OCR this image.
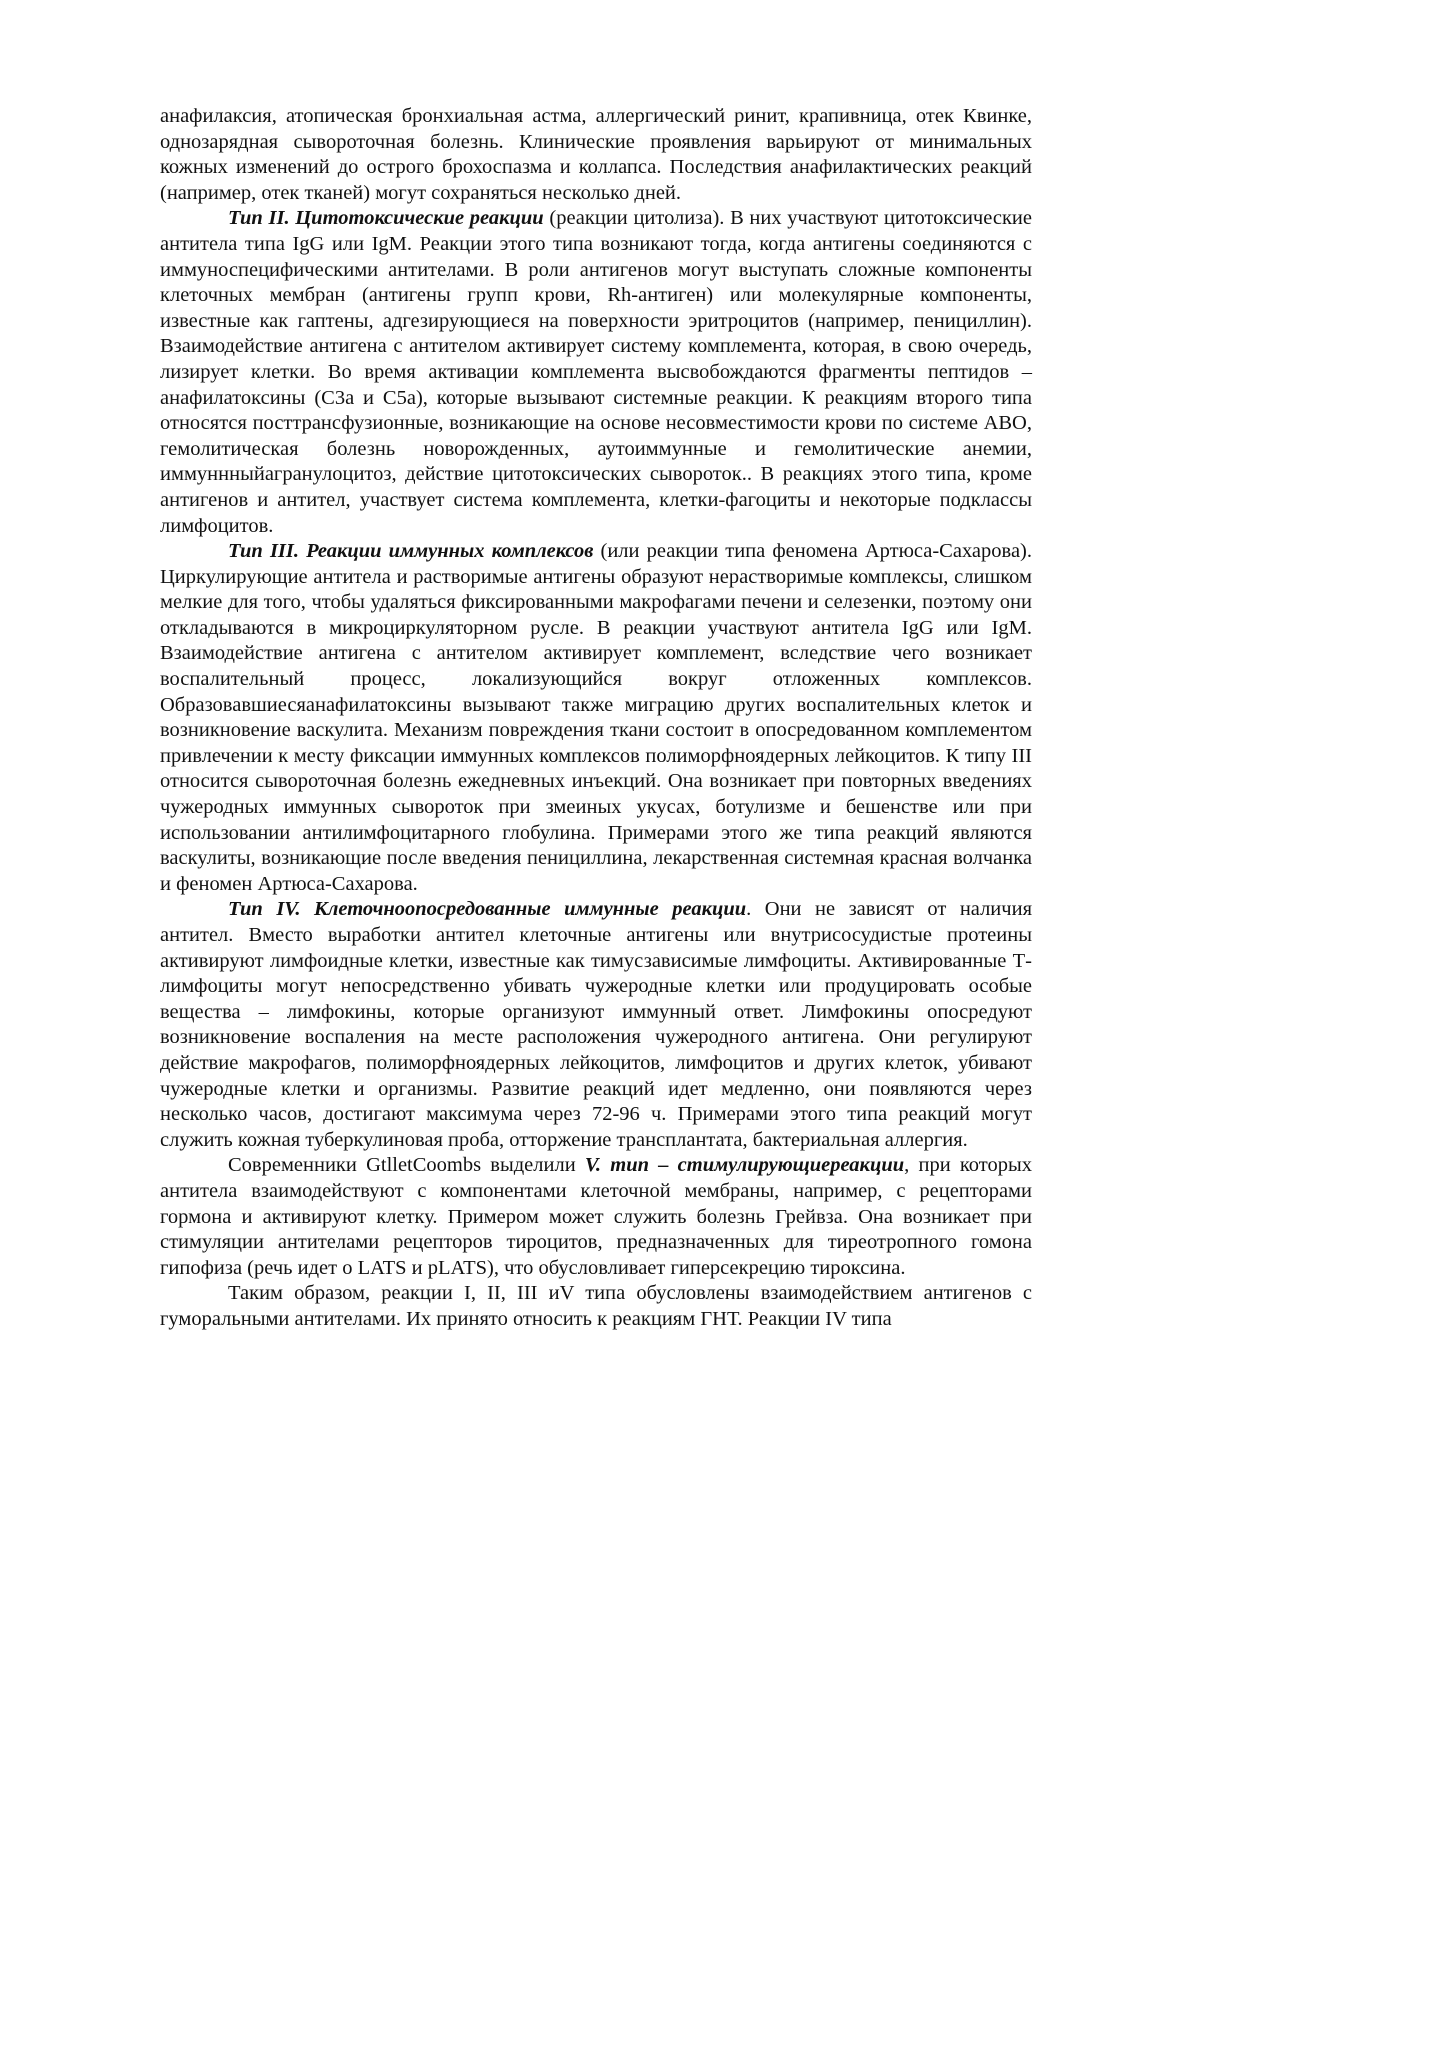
анафилаксия, атопическая бронхиальная астма, аллергический ринит, крапивница, отек Квинке, однозарядная сывороточная болезнь. Клинические проявления варьируют от минимальных кожных изменений до острого брохоспазма и коллапса. Последствия анафилактических реакций (например, отек тканей) могут сохраняться несколько дней.

Тип II. Цитотоксические реакции (реакции цитолиза). В них участвуют цитотоксические антитела типа IgG или IgM. Реакции этого типа возникают тогда, когда антигены соединяются с иммуноспецифическими антителами. В роли антигенов могут выступать сложные компоненты клеточных мембран (антигены групп крови, Rh-антиген) или молекулярные компоненты, известные как гаптены, адгезирующиеся на поверхности эритроцитов (например, пенициллин). Взаимодействие антигена с антителом активирует систему комплемента, которая, в свою очередь, лизирует клетки. Во время активации комплемента высвобождаются фрагменты пептидов – анафилатоксины (C3a и C5a), которые вызывают системные реакции. К реакциям второго типа относятся посттрансфузионные, возникающие на основе несовместимости крови по системе АВО, гемолитическая болезнь новорожденных, аутоиммунные и гемолитические анемии, иммуннныйагранулоцитоз, действие цитотоксических сывороток.. В реакциях этого типа, кроме антигенов и антител, участвует система комплемента, клетки-фагоциты и некоторые подклассы лимфоцитов.

Тип III. Реакции иммунных комплексов (или реакции типа феномена Артюса-Сахарова). Циркулирующие антитела и растворимые антигены образуют нерастворимые комплексы, слишком мелкие для того, чтобы удаляться фиксированными макрофагами печени и селезенки, поэтому они откладываются в микроциркуляторном русле. В реакции участвуют антитела IgG или IgM. Взаимодействие антигена с антителом активирует комплемент, вследствие чего возникает воспалительный процесс, локализующийся вокруг отложенных комплексов. Образовавшиесяанафилатоксины вызывают также миграцию других воспалительных клеток и возникновение васкулита. Механизм повреждения ткани состоит в опосредованном комплементом привлечении к месту фиксации иммунных комплексов полиморфноядерных лейкоцитов. К типу III относится сывороточная болезнь ежедневных инъекций. Она возникает при повторных введениях чужеродных иммунных сывороток при змеиных укусах, ботулизме и бешенстве или при использовании антилимфоцитарного глобулина. Примерами этого же типа реакций являются васкулиты, возникающие после введения пенициллина, лекарственная системная красная волчанка и феномен Артюса-Сахарова.

Тип IV. Клеточноопосредованные иммунные реакции. Они не зависят от наличия антител. Вместо выработки антител клеточные антигены или внутрисосудистые протеины активируют лимфоидные клетки, известные как тимусзависимые лимфоциты. Активированные Т-лимфоциты могут непосредственно убивать чужеродные клетки или продуцировать особые вещества – лимфокины, которые организуют иммунный ответ. Лимфокины опосредуют возникновение воспаления на месте расположения чужеродного антигена. Они регулируют действие макрофагов, полиморфноядерных лейкоцитов, лимфоцитов и других клеток, убивают чужеродные клетки и организмы. Развитие реакций идет медленно, они появляются через несколько часов, достигают максимума через 72-96 ч. Примерами этого типа реакций могут служить кожная туберкулиновая проба, отторжение трансплантата, бактериальная аллергия.

Современники GtlletCoombs выделили V. тип – стимулирующиереакции, при которых антитела взаимодействуют с компонентами клеточной мембраны, например, с рецепторами гормона и активируют клетку. Примером может служить болезнь Грейвза. Она возникает при стимуляции антителами рецепторов тироцитов, предназначенных для тиреотропного гомона гипофиза (речь идет о LATS и pLATS), что обусловливает гиперсекрецию тироксина.

Таким образом, реакции I, II, III иV типа обусловлены взаимодействием антигенов с гуморальными антителами. Их принято относить к реакциям ГНТ. Реакции IV типа
